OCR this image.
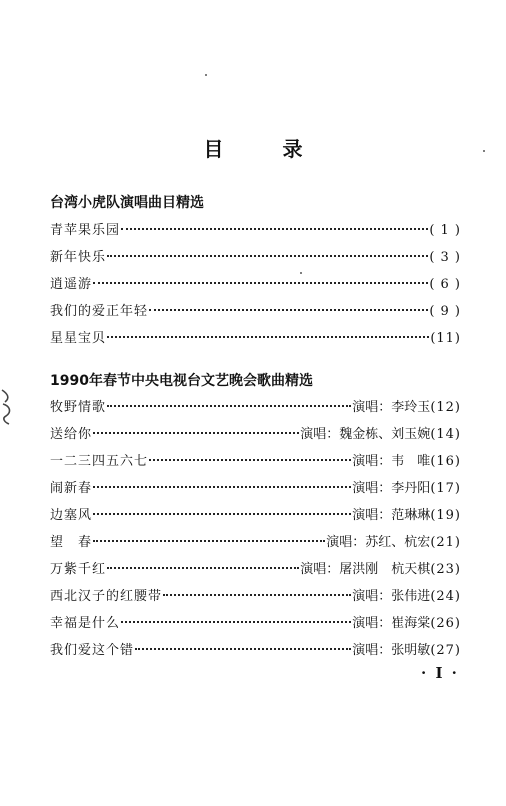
目 录
台湾小虎队演唱曲目精选
青苹果乐园	( 1 )
新年快乐	( 3 )
逍遥游	( 6 )
我们的爱正年轻	( 9 )
星星宝贝	(11)
1990年春节中央电视台文艺晚会歌曲精选
牧野情歌	演唱：李玲玉 (12)
送给你	演唱：魏金栋、刘玉婉 (14)
一二三四五六七	演唱：韦　唯 (16)
闹新春	演唱：李丹阳 (17)
边塞风	演唱：范琳琳 (19)
望　春	演唱：苏红、杭宏 (21)
万紫千红	演唱：屠洪刚　杭天棋 (23)
西北汉子的红腰带	演唱：张伟进 (24)
幸福是什么	演唱：崔海棠 (26)
我们爱这个错	演唱：张明敏 (27)
· I ·
